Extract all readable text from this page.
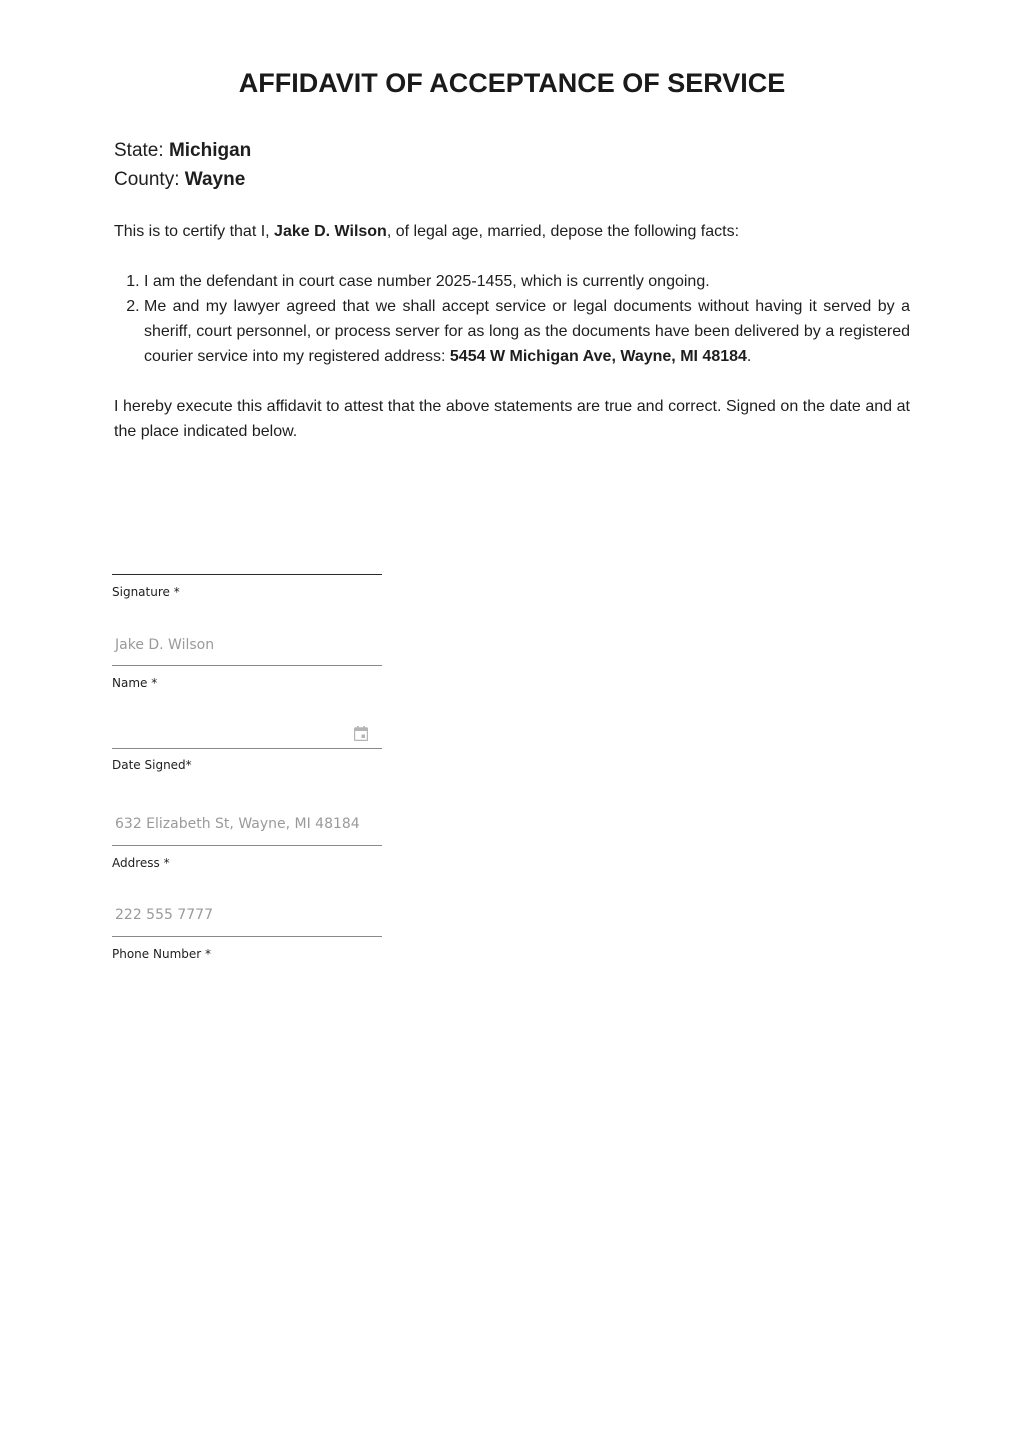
AFFIDAVIT OF ACCEPTANCE OF SERVICE
State: Michigan
County: Wayne
This is to certify that I, Jake D. Wilson, of legal age, married, depose the following facts:
1. I am the defendant in court case number 2025-1455, which is currently ongoing.
2. Me and my lawyer agreed that we shall accept service or legal documents without having it served by a sheriff, court personnel, or process server for as long as the documents have been delivered by a registered courier service into my registered address: 5454 W Michigan Ave, Wayne, MI 48184.
I hereby execute this affidavit to attest that the above statements are true and correct. Signed on the date and at the place indicated below.
Signature *
Jake D. Wilson
Name *
Date Signed*
632 Elizabeth St, Wayne, MI 48184
Address *
222 555 7777
Phone Number *
